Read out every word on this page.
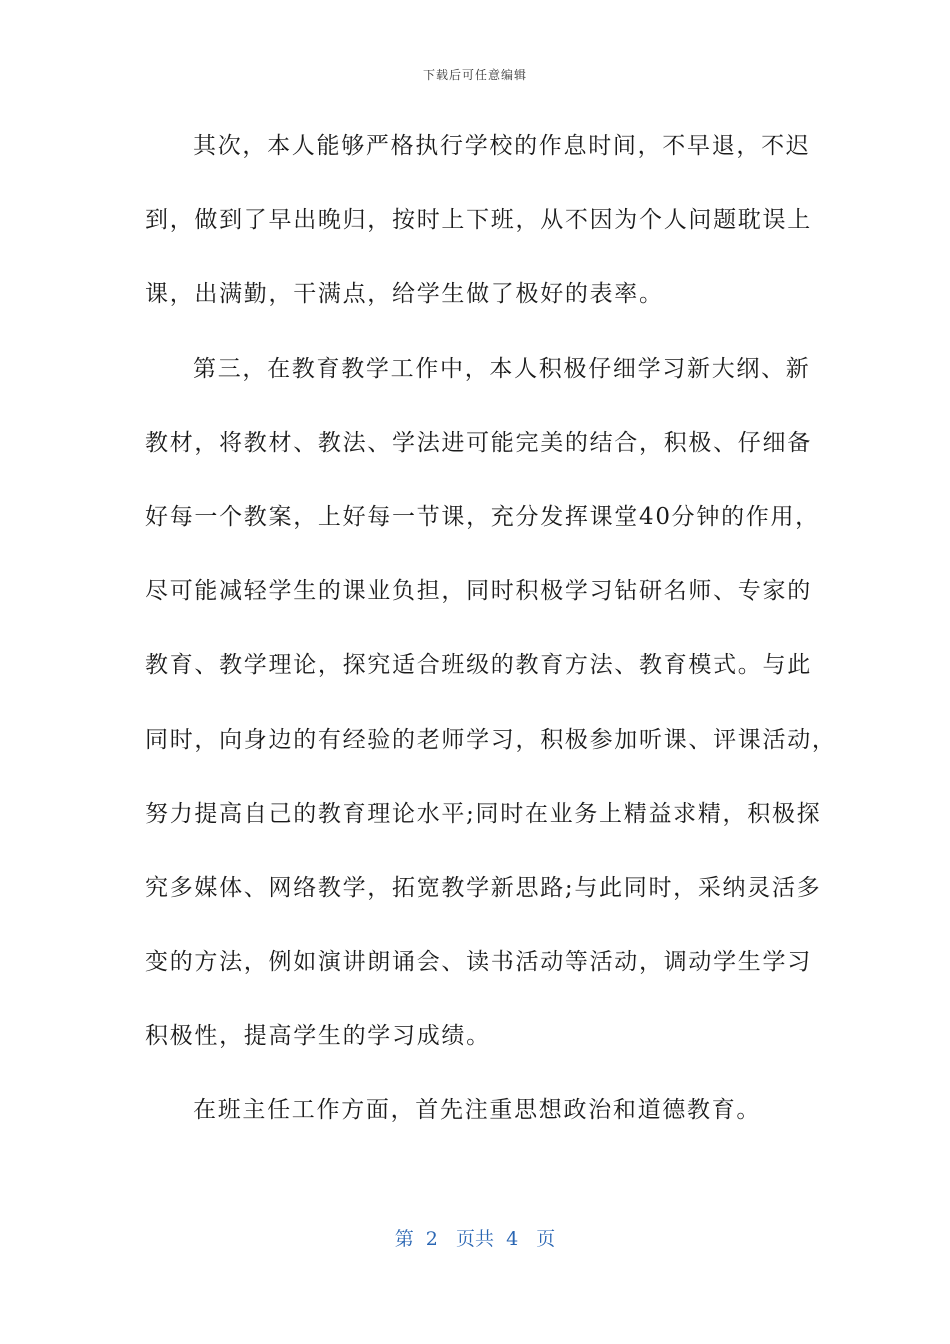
下载后可任意编辑
其次，本人能够严格执行学校的作息时间，不早退，不迟
到，做到了早出晚归，按时上下班，从不因为个人问题耽误上
课，出满勤，干满点，给学生做了极好的表率。
第三，在教育教学工作中，本人积极仔细学习新大纲、新
教材，将教材、教法、学法进可能完美的结合，积极、仔细备
好每一个教案，上好每一节课，充分发挥课堂40分钟的作用，
尽可能减轻学生的课业负担，同时积极学习钻研名师、专家的
教育、教学理论，探究适合班级的教育方法、教育模式。与此
同时，向身边的有经验的老师学习，积极参加听课、评课活动，
努力提高自己的教育理论水平;同时在业务上精益求精，积极探
究多媒体、网络教学，拓宽教学新思路;与此同时，采纳灵活多
变的方法，例如演讲朗诵会、读书活动等活动，调动学生学习
积极性，提高学生的学习成绩。
在班主任工作方面，首先注重思想政治和道德教育。
第  2   页共  4   页
